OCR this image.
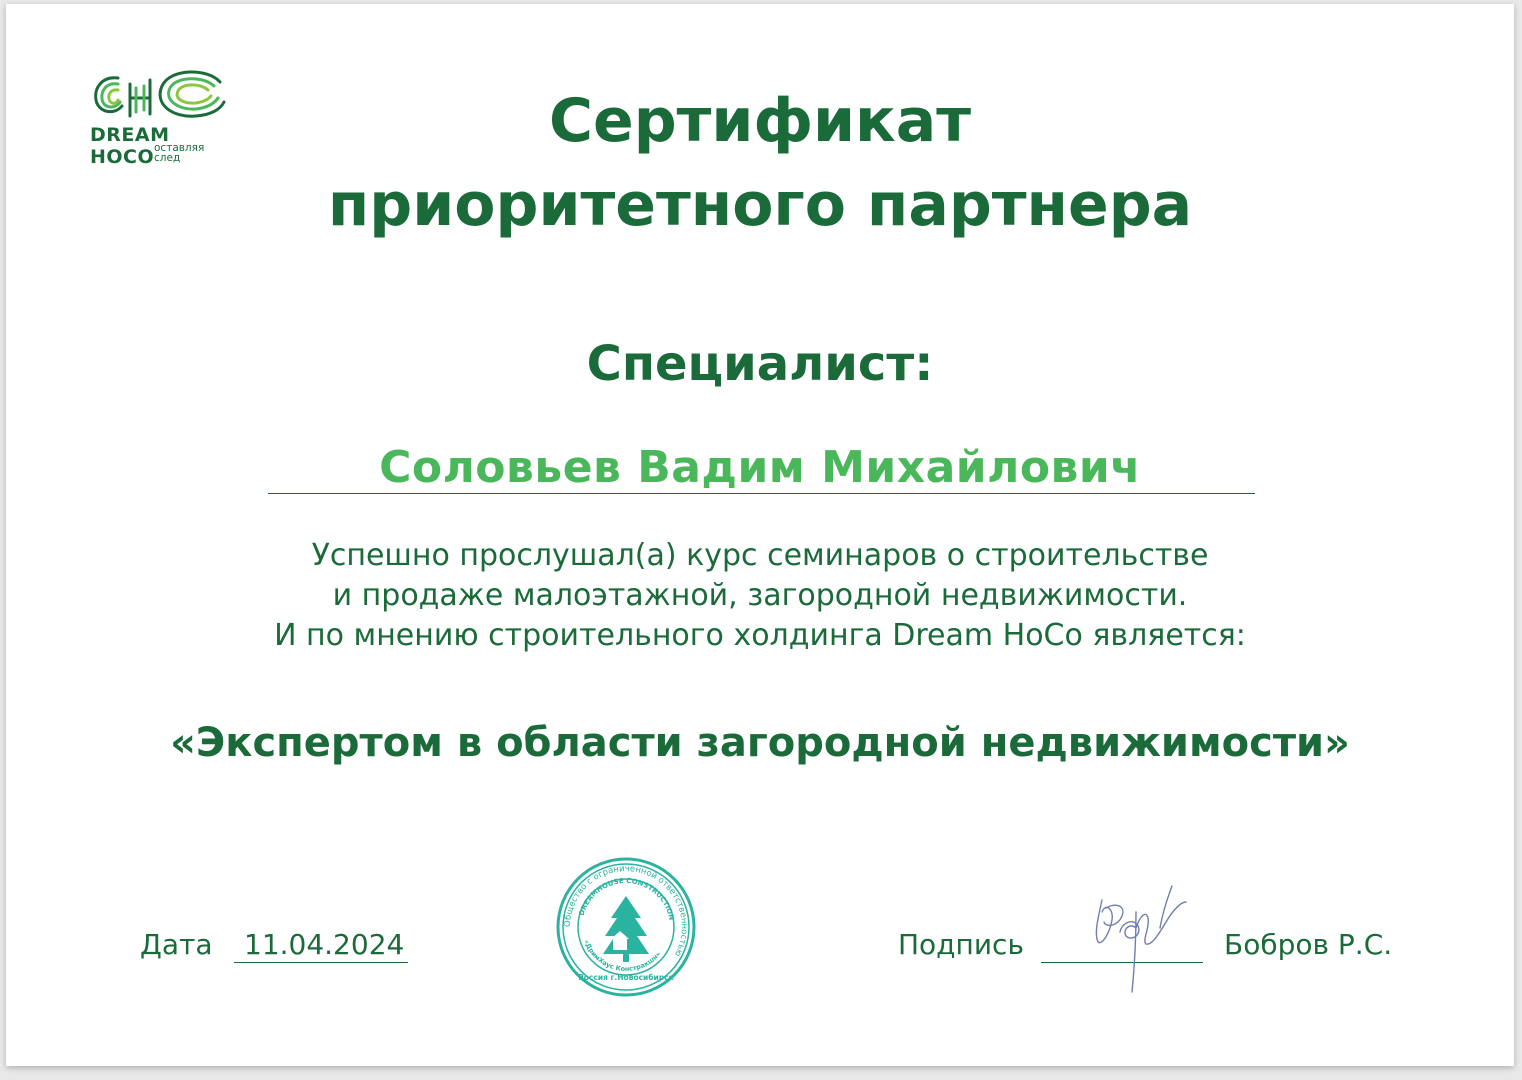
DREAM
HOCO оставляя
след
Сертификат
приоритетного партнера
Специалист:
Соловьев Вадим Михайлович
Успешно прослушал(а) курс семинаров о строительстве
и продаже малоэтажной, загородной недвижимости.
И по мнению строительного холдинга Dream HoCo является:
«Экспертом в области загородной недвижимости»
Дата 11.04.2024
Общество с ограниченной ответственностью
DREAMHOUSE CONSTRUCTION
«ДримХаус Констракшн»
Россия г.Новосибирск
Подпись	Бобров Р.С.
